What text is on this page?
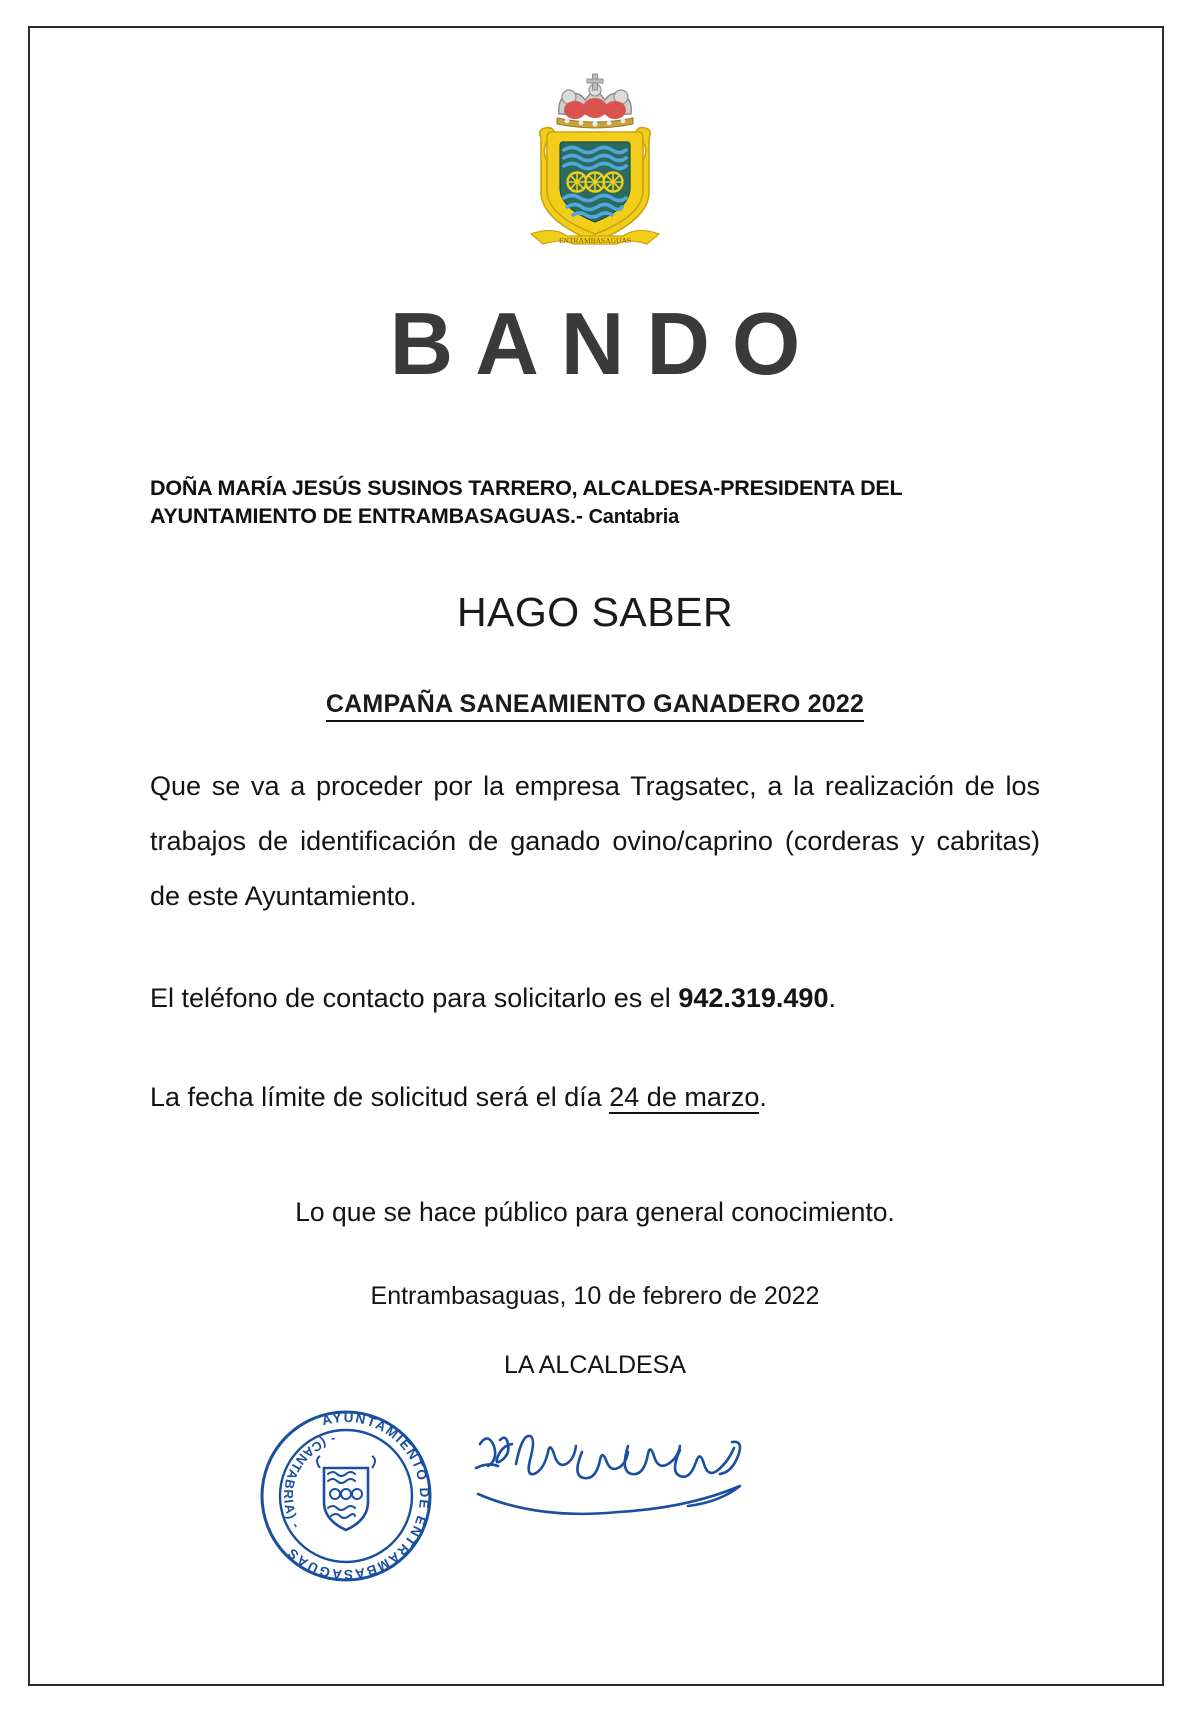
ENTRAMBASAGUAS
BANDO
DOÑA MARÍA JESÚS SUSINOS TARRERO, ALCALDESA-PRESIDENTA DEL
AYUNTAMIENTO DE ENTRAMBASAGUAS.- Cantabria
HAGO SABER
CAMPAÑA SANEAMIENTO GANADERO 2022
Que se va a proceder por la empresa Tragsatec, a la realización de los trabajos de identificación de ganado ovino/caprino (corderas y cabritas) de este Ayuntamiento.
El teléfono de contacto para solicitarlo es el 942.319.490.
La fecha límite de solicitud será el día 24 de marzo.
Lo que se hace público para general conocimiento.
Entrambasaguas, 10 de febrero de 2022
LA ALCALDESA
AYUNTAMIENTO DE ENTRAMBASAGUAS
- (CANTABRIA) -
